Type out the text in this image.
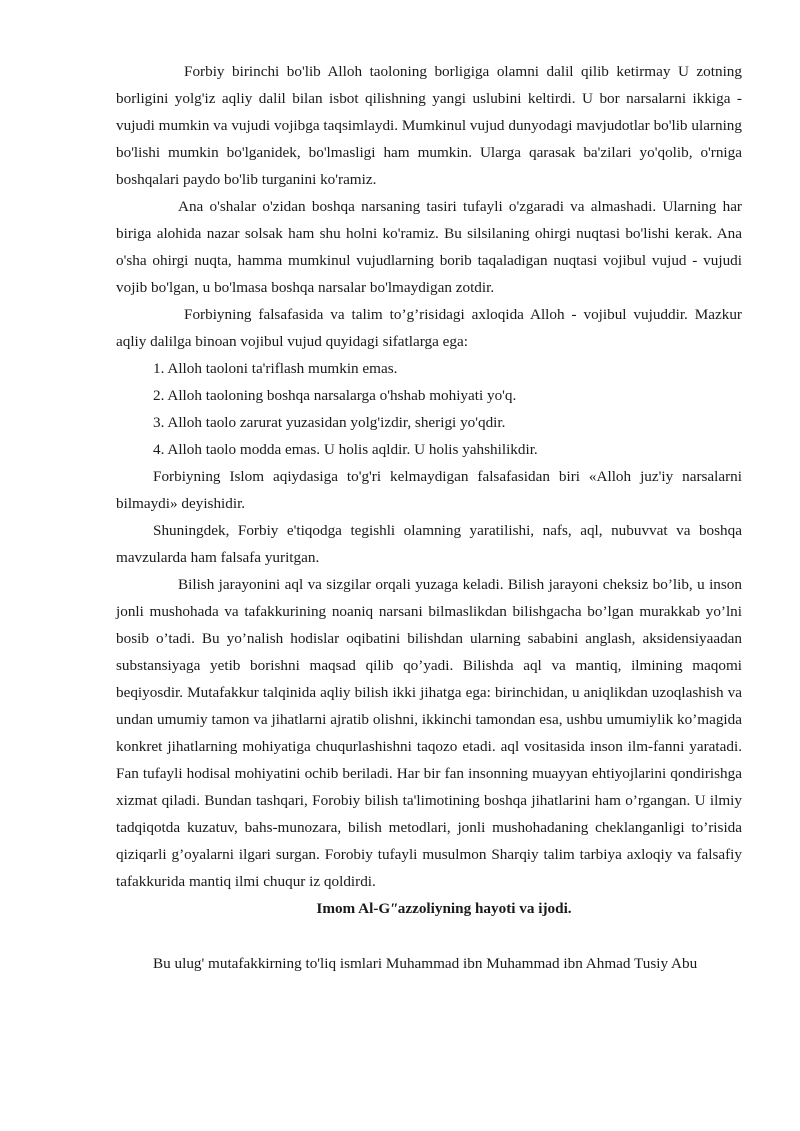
Forbiy birinchi bo'lib Alloh taoloning borligiga olamni dalil qilib ketirmay U zotning borligini yolg'iz aqliy dalil bilan isbot qilishning yangi uslubini keltirdi. U bor narsalarni ikkiga - vujudi mumkin va vujudi vojibga taqsimlaydi. Mumkinul vujud dunyodagi mavjudotlar bo'lib ularning bo'lishi mumkin bo'lganidek, bo'lmasligi ham mumkin. Ularga qarasak ba'zilari yo'qolib, o'rniga boshqalari paydo bo'lib turganini ko'ramiz.

Ana o'shalar o'zidan boshqa narsaning tasiri tufayli o'zgaradi va almashadi. Ularning har biriga alohida nazar solsak ham shu holni ko'ramiz. Bu silsilaning ohirgi nuqtasi bo'lishi kerak. Ana o'sha ohirgi nuqta, hamma mumkinul vujudlarning borib taqaladigan nuqtasi vojibul vujud - vujudi vojib bo'lgan, u bo'lmasa boshqa narsalar bo'lmaydigan zotdir.

Forbiyning falsafasida va talim to’g’risidagi axloqida Alloh - vojibul vujuddir. Mazkur aqliy dalilga binoan vojibul vujud quyidagi sifatlarga ega:

1. Alloh taoloni ta'riflash mumkin emas.
2. Alloh taoloning boshqa narsalarga o'hshab mohiyati yo'q.
3. Alloh taolo zarurat yuzasidan yolg'izdir, sherigi yo'qdir.
4. Alloh taolo modda emas. U holis aqldir. U holis yahshilikdir.

Forbiyning Islom aqiydasiga to'g'ri kelmaydigan falsafasidan biri «Alloh juz'iy narsalarni bilmaydi» deyishidir.

Shuningdek, Forbiy e'tiqodga tegishli olamning yaratilishi, nafs, aql, nubuvvat va boshqa mavzularda ham falsafa yuritgan.

Bilish jarayonini aql va sizgilar orqali yuzaga keladi. Bilish jarayoni cheksiz bo’lib, u inson jonli mushohada va tafakkurining noaniq narsani bilmaslikdan bilishgacha bo’lgan murakkab yo’lni bosib o’tadi. Bu yo’nalish hodislar oqibatini bilishdan ularning sababini anglash, aksidensiyaadan substansiyaga yetib borishni maqsad qilib qo’yadi. Bilishda aql va mantiq, ilmining maqomi beqiyosdir. Mutafakkur talqinida aqliy bilish ikki jihatga ega: birinchidan, u aniqlikdan uzoqlashish va undan umumiy tamon va jihatlarni ajratib olishni, ikkinchi tamondan esa, ushbu umumiylik ko’magida konkret jihatlarning mohiyatiga chuqurlashishni taqozo etadi. aql vositasida inson ilm-fanni yaratadi. Fan tufayli hodisal mohiyatini ochib beriladi. Har bir fan insonning muayyan ehtiyojlarini qondirishga xizmat qiladi. Bundan tashqari, Forobiy bilish ta'limotining boshqa jihatlarini ham o’rgangan. U ilmiy tadqiqotda kuzatuv, bahs-munozara, bilish metodlari, jonli mushohadaning cheklanganligi to’risida qiziqarli g’oyalarni ilgari surgan. Forobiy tufayli musulmon Sharqiy talim tarbiya axloqiy va falsafiy tafakkurida mantiq ilmi chuqur iz qoldirdi.

Imom Al-Gʺazzoliyning hayoti va ijodi.

Bu ulug' mutafakkirning to'liq ismlari Muhammad ibn Muhammad ibn Ahmad Tusiy Abu
